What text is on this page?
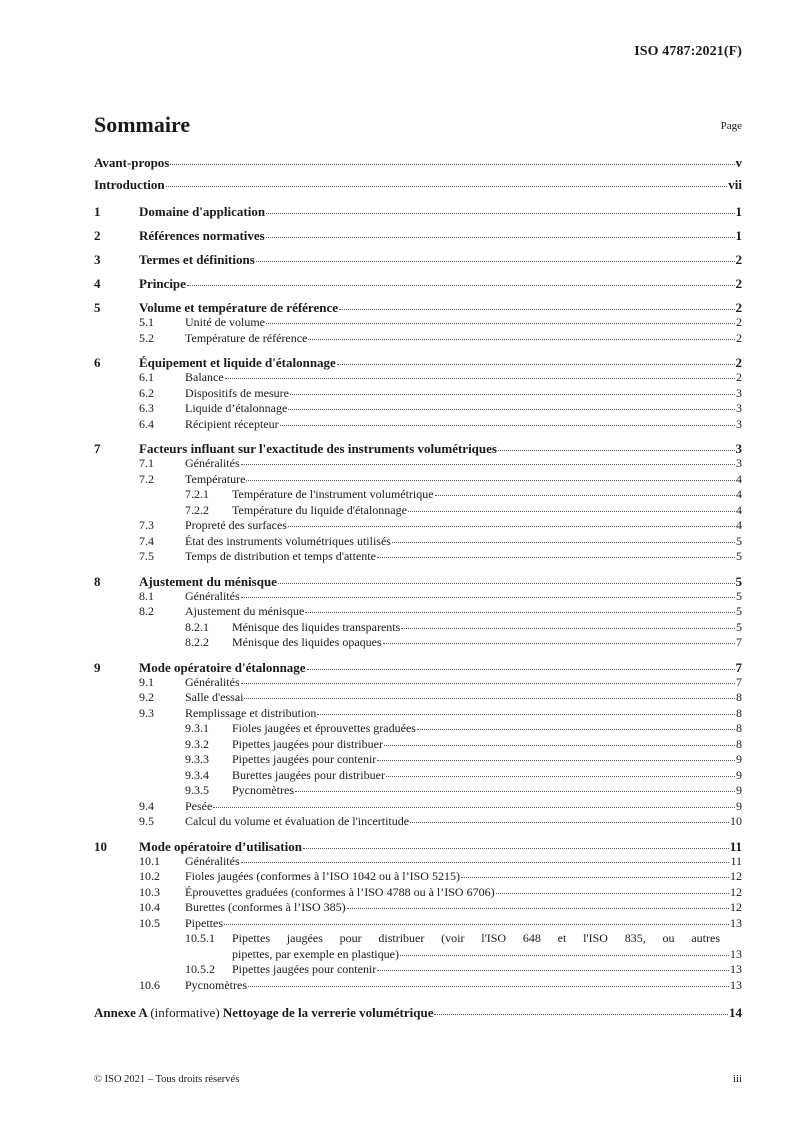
ISO 4787:2021(F)
Sommaire	Page
Avant-propos	v
Introduction	vii
1	Domaine d'application	1
2	Références normatives	1
3	Termes et définitions	2
4	Principe	2
5	Volume et température de référence	2
5.1	Unité de volume	2
5.2	Température de référence	2
6	Équipement et liquide d'étalonnage	2
6.1	Balance	2
6.2	Dispositifs de mesure	3
6.3	Liquide d’étalonnage	3
6.4	Récipient récepteur	3
7	Facteurs influant sur l'exactitude des instruments volumétriques	3
7.1	Généralités	3
7.2	Température	4
7.2.1	Température de l'instrument volumétrique	4
7.2.2	Température du liquide d'étalonnage	4
7.3	Propreté des surfaces	4
7.4	État des instruments volumétriques utilisés	5
7.5	Temps de distribution et temps d'attente	5
8	Ajustement du ménisque	5
8.1	Généralités	5
8.2	Ajustement du ménisque	5
8.2.1	Ménisque des liquides transparents	5
8.2.2	Ménisque des liquides opaques	7
9	Mode opératoire d'étalonnage	7
9.1	Généralités	7
9.2	Salle d'essai	8
9.3	Remplissage et distribution	8
9.3.1	Fioles jaugées et éprouvettes graduées	8
9.3.2	Pipettes jaugées pour distribuer	8
9.3.3	Pipettes jaugées pour contenir	9
9.3.4	Burettes jaugées pour distribuer	9
9.3.5	Pycnomètres	9
9.4	Pesée	9
9.5	Calcul du volume et évaluation de l'incertitude	10
10	Mode opératoire d’utilisation	11
10.1	Généralités	11
10.2	Fioles jaugées (conformes à l’ISO 1042 ou à l’ISO 5215)	12
10.3	Éprouvettes graduées (conformes à l’ISO 4788 ou à l’ISO 6706)	12
10.4	Burettes (conformes à l’ISO 385)	12
10.5	Pipettes	13
10.5.1	Pipettes jaugées pour distribuer (voir l'ISO 648 et l'ISO 835, ou autres
pipettes, par exemple en plastique)	13
10.5.2	Pipettes jaugées pour contenir	13
10.6	Pycnomètres	13
Annexe A (informative) Nettoyage de la verrerie volumétrique	14
© ISO 2021 – Tous droits réservés	iii
